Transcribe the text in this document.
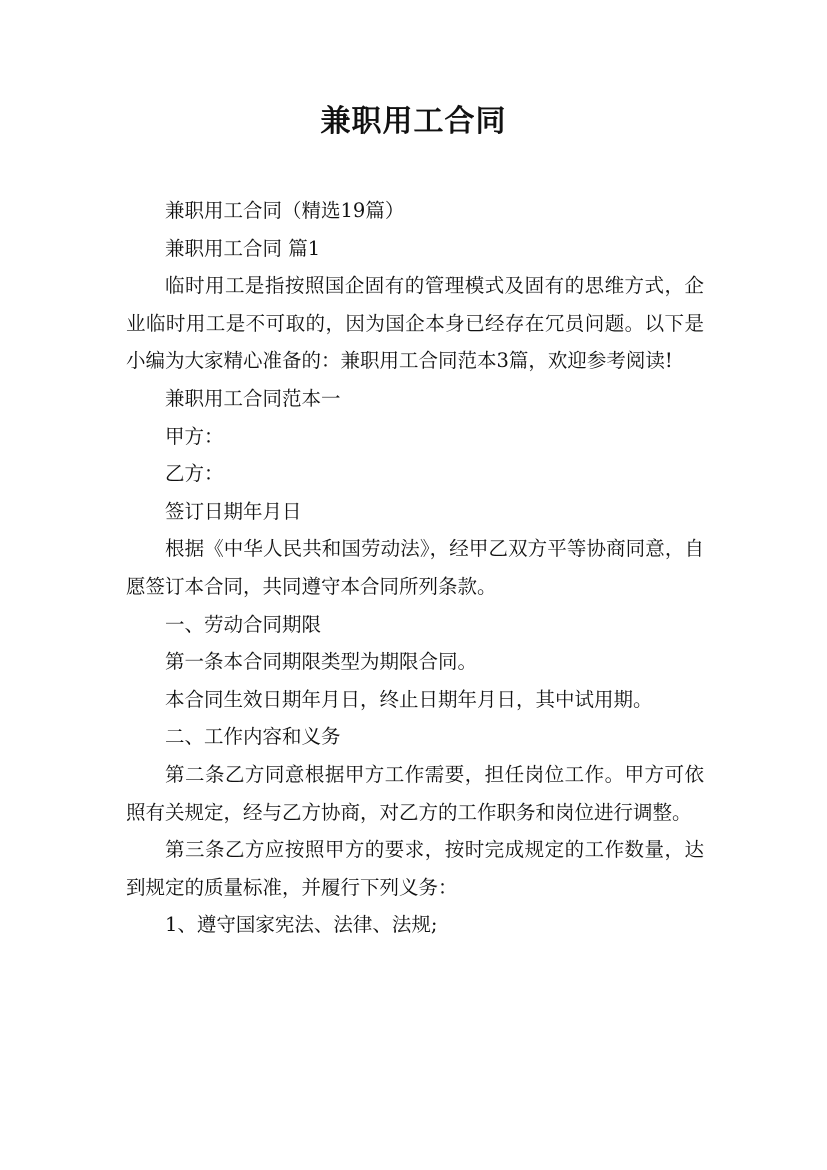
兼职用工合同

兼职用工合同（精选19篇）

兼职用工合同 篇1

临时用工是指按照国企固有的管理模式及固有的思维方式，企业临时用工是不可取的，因为国企本身已经存在冗员问题。以下是小编为大家精心准备的：兼职用工合同范本3篇，欢迎参考阅读!

兼职用工合同范本一

甲方：

乙方：

签订日期年月日

根据《中华人民共和国劳动法》，经甲乙双方平等协商同意，自愿签订本合同，共同遵守本合同所列条款。

一、劳动合同期限

第一条本合同期限类型为期限合同。

本合同生效日期年月日，终止日期年月日，其中试用期。

二、工作内容和义务

第二条乙方同意根据甲方工作需要，担任岗位工作。甲方可依照有关规定，经与乙方协商，对乙方的工作职务和岗位进行调整。

第三条乙方应按照甲方的要求，按时完成规定的工作数量，达到规定的质量标准，并履行下列义务：

1、遵守国家宪法、法律、法规;
